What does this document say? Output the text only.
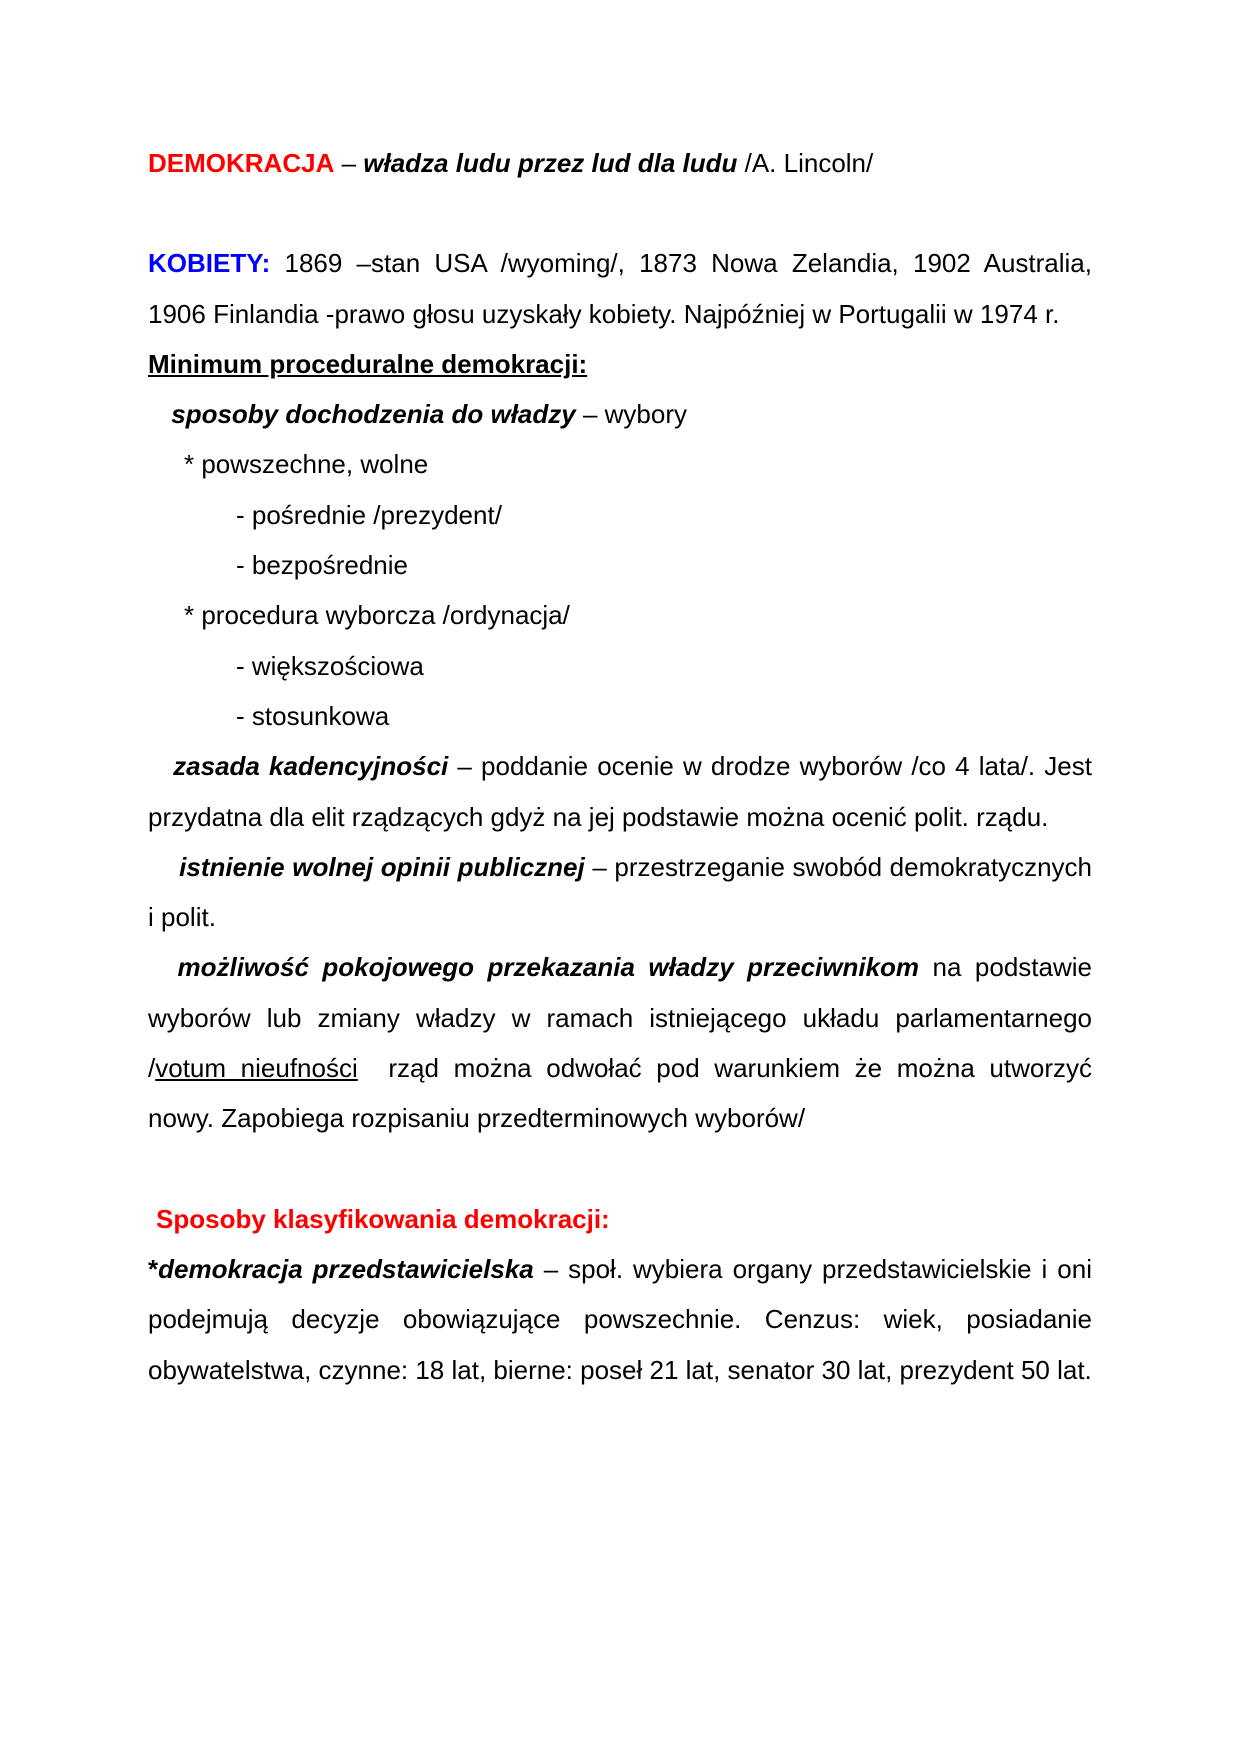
DEMOKRACJA – władza ludu przez lud dla ludu /A. Lincoln/

KOBIETY: 1869 –stan USA /wyoming/, 1873 Nowa Zelandia, 1902 Australia, 1906 Finlandia -prawo głosu uzyskały kobiety. Najpóźniej w Portugalii w 1974 r.

Minimum proceduralne demokracji:

sposoby dochodzenia do władzy – wybory

* powszechne, wolne

- pośrednie /prezydent/

- bezpośrednie

* procedura wyborcza /ordynacja/

- większościowa

- stosunkowa

zasada kadencyjności – poddanie ocenie w drodze wyborów /co 4 lata/. Jest przydatna dla elit rządzących gdyż na jej podstawie można ocenić polit. rządu.

istnienie wolnej opinii publicznej – przestrzeganie swobód demokratycznych i polit.

możliwość pokojowego przekazania władzy przeciwnikom na podstawie wyborów lub zmiany władzy w ramach istniejącego układu parlamentarnego /votum nieufności rząd można odwołać pod warunkiem że można utworzyć nowy. Zapobiega rozpisaniu przedterminowych wyborów/

Sposoby klasyfikowania demokracji:

*demokracja przedstawicielska – społ. wybiera organy przedstawicielskie i oni podejmują decyzje obowiązujące powszechnie. Cenzus: wiek, posiadanie obywatelstwa, czynne: 18 lat, bierne: poseł 21 lat, senator 30 lat, prezydent 50 lat.
